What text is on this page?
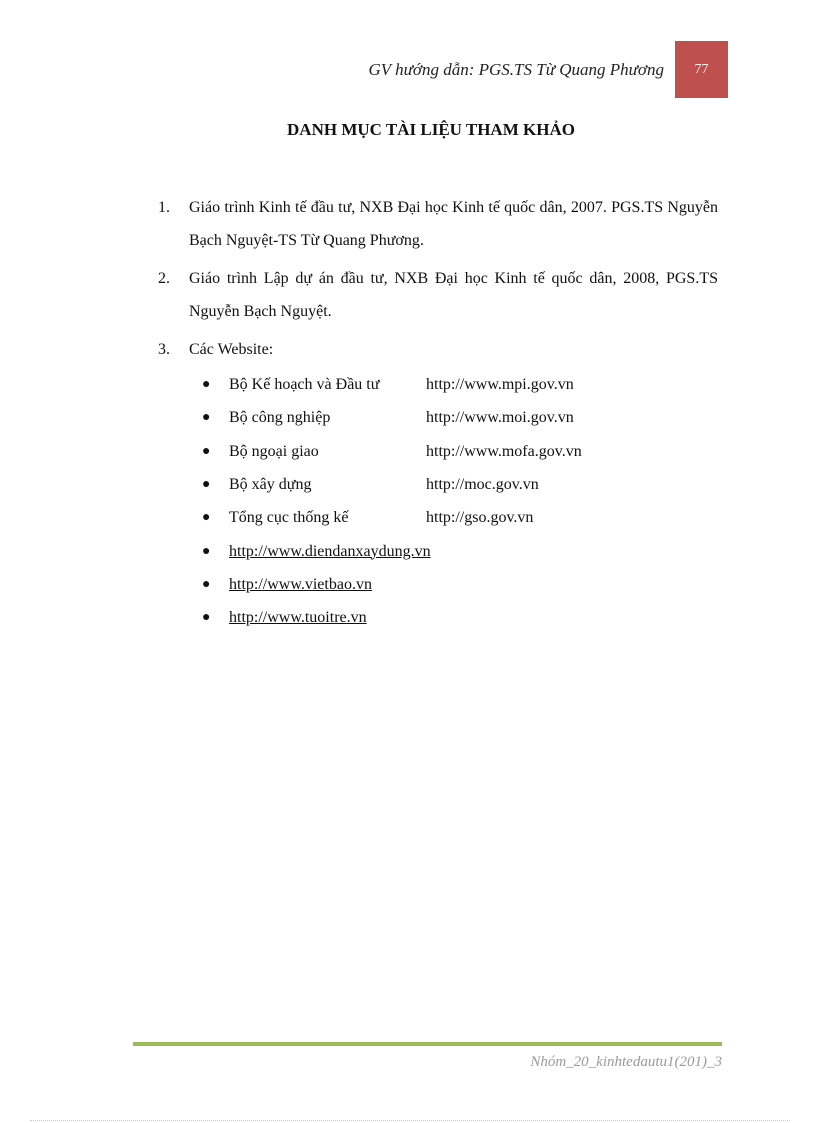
GV hướng dẫn: PGS.TS Từ Quang Phương 77
DANH MỤC TÀI LIỆU THAM KHẢO
1.	Giáo trình Kinh tế đầu tư, NXB Đại học Kinh tế quốc dân, 2007. PGS.TS Nguyễn Bạch Nguyệt-TS Từ Quang Phương.
2.	Giáo trình Lập dự án đầu tư, NXB Đại học Kinh tế quốc dân, 2008, PGS.TS Nguyễn Bạch Nguyệt.
3.	Các Website:
●	Bộ Kế hoạch và Đầu tư	http://www.mpi.gov.vn
●	Bộ công nghiệp	http://www.moi.gov.vn
●	Bộ ngoại giao	http://www.mofa.gov.vn
●	Bộ xây dựng	http://moc.gov.vn
●	Tổng cục thống kế	http://gso.gov.vn
●	http://www.diendanxaydung.vn
●	http://www.vietbao.vn
●	http://www.tuoitre.vn
Nhóm_20_kinhtedautu1(201)_3
